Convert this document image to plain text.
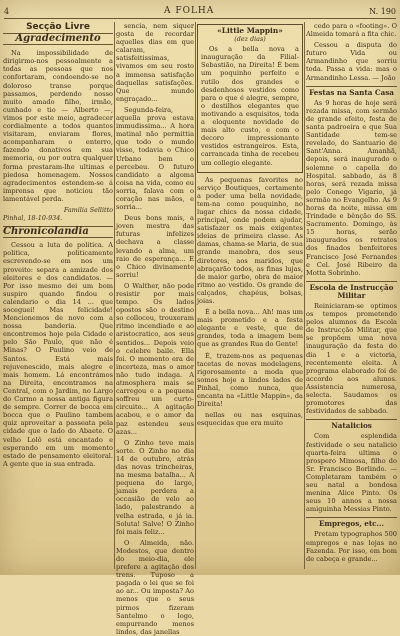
4	A FOLHA	N. 190
Secção Livre
Agradecimento
Na impossibilidade de dirigirmo-nos pessoalmente a todas as pessoas que nos confortaram, condoendo-se no doloroso transe porque passamos, perdendo nosso muito amado filho, irmão, cunhado e tio — Alberto —, vimos por este meio, agradecer cordialmente a todos quantos visitaram, enviaram flores, acompanharam o enterro, fazendo donativos em sua memoria, ou por outra qualquer forma prestaram-lhe ultimas e piedosa homenagem. Nossos agradecimentos estendem-se á imprensa que noticiou tão lamentável perda.
Familia Sellitto
Pinhal, 18-10-934.
Chronicolandia
Cessou a luta de politica. A politica, politicamente escrevendo-se em nos um proveito: separa a amizade dos eleitores e dos candidatos. — Por isso mesmo dei um bom suspiro quando findou o calendario o dia 14 ... que soceguei! Mas felicidade! Mencionemos de novo com a nossa banderia. Que encontremos hoje pela Cidade e pelo São Paulo, que não é Minas? O Paulino veio de Santos. Está mais rejuvenescido, mais alegre e mais homem. Lá encontrámos na Direita, encontramos na Central, com o Jardim, no Largo do Carmo a nossa antiga figura de sempre. Correr de bocca em bocca que o Paulino tambem quiz aproveitar a passeata pela cidade que o lado do Abaete. O velho Lolô está encantado e esperando em um momento estado de pensamento eleitoral. A gente que ia sua entrada.
sencia, nem siquer gosta de recordar aquelles dias em que calaram, satisfeitissimas, vivamos em seu rosto a immensa satisfação daquellas satisfações. Que mundo engraçado...
Segunda-feira, aquella prova estava immudissima... A hora matinal não permittia que todo o mundo visse, todavia o Chico Urbano bem o percebeu. O futuro candidato a algoma coisa na vida, como eu sorria, falava com o coração nas mãos, e sorria...
Deus bons mais, a joven mestra das futuras infelizes dechava a classe levando a alma, um raio de esperança... E o Chico divinamente sorriu!
O Walther, não pode resistir por mais tempo. Os lados opostos são o destino so collocou, trouxeram ritmo incendiado e ao aristocratico, aos seus sentidos... Depois veio o celebre baile. Ella foi. O momento era de incerteza, mas o amor não tudo indaga. A atmosphera mais se carregou e a pequena soffreu um curto-circuito... A agitação acabou, e o amor da paz estendeu seus azas...
O Zinho teve mais sorte. O Zinho no dia 14 de outubro, atrás das novas trincheiras, na mesma batalha... A pequena do largo, jamais perdera a occasião de velo ao lado, palestrando a velha estrada, e já ia. Soluta! Salve! O Zinho foi mais feliz...
O Almeida, não. Modestos, que dentro do meio-dia, ele prefere a agitação dos trens. Tuposo a pagada o lei que se foi ao ar... Ou imposta? Ao menos que o seus pirmos fizeram Santelmo o logo, empurrando menos lindos, das janellas
«Little Mappin»
(dez dias)
Os a bella nova a inauguração da Filial-Sebastião, na Direita! É bem um poquinho perfeito e rutilo dos grandes e desdenhosos vestidos como para o que é alegre, sempre, o destilhos elegantes que motivando a esquisitos, toda a eloquente novidade de mais alto custo, e com o decoro impressionante vestidos estrangeiros. Esta, carrancada tinha de recebeu um collegio elegante.
As pequenas favorites no serviço Boutiques, certamente a poder uma bella novidade, tem-na como pouquinho, no lugar chics da nossa cidade, principal, onde podem ajudar, satisfazer os mais exigentes ideias de primeira classe. As damas, chama-se Maria, de sua grande manobra, dos seus diretores, aos maridos, que abraçarão todos, as finas lujas, de maior garbo, obra de maior ritmo ao vestido. Os grande de calçados, chapéus, bolsas, joias.
É a bella nova... Ah! mas um mais prometido e a festa elegante e veste, que de grandes, toda a imagem bem que as grandes Rua do Gente!
É, trazem-nos as pequenas tacetas de novas modelagens, rigorosamente a moda que somos hoje a lindos lados de Pinhal, como nunca, que encanta na «Little Mappin», da Direita!
nellas ou nas esquinas, esquecidas que era muito
cedo para o «footing». O Almeida tomará a fita chic.
Cessou a disputa do futuro Vida ou Armandinho que sorriu toda. Passa a vida: mas o Armandinho Lessa. — João
Festas na Santa Casa
As 9 horas de hoje será rezada missa, com sermão de grande efeito, festa de santa padroeira e que Sua Santidade tem-se revelado, do Santuario de Sant'Anna. Amanhã, depois, será inaugurado o solemne o capella do Hospital. sabbado, ás 8 horas, será rezada missa pelo Conego Vigario, já sermão no Evangelho. As 9 horas da noite, missa em Trindade e bênção do SS. Sacramento. Domingo, às 15 horas, serão inaugurados os retratos dos finados benfeitores Francisco José Fernandes e Cel. José Ribeiro da Motta Sobrinho.
Escola de Instrucção Militar
Reiniciaram-se optimos os tempos prometendo pelos alumnos da Escola de Instrucção Militar, que se propõem uma nova inauguração da festa do dia 1 e a victoria, recentemente eleita. A programa elaborado foi de accordo aos alunos. Assistencia numerosa, selecta. Saudamos os promotores das festividades de sabbado.
Natalicios
Com esplendida festividade o seu natalicio quarta-feira ultima o prospero Mimosa, filho do Sr. Francisco Borlindo. — Completaram também o seu natal a bondosa menina Alice Pinto. Os seus 10 annos a nossa amiguinha Messias Pinto.
Empregos, etc...
Pretam typographos 500 empregos e nas lojas no Fazenda. Por isso, em bom de cabeça e grande...
